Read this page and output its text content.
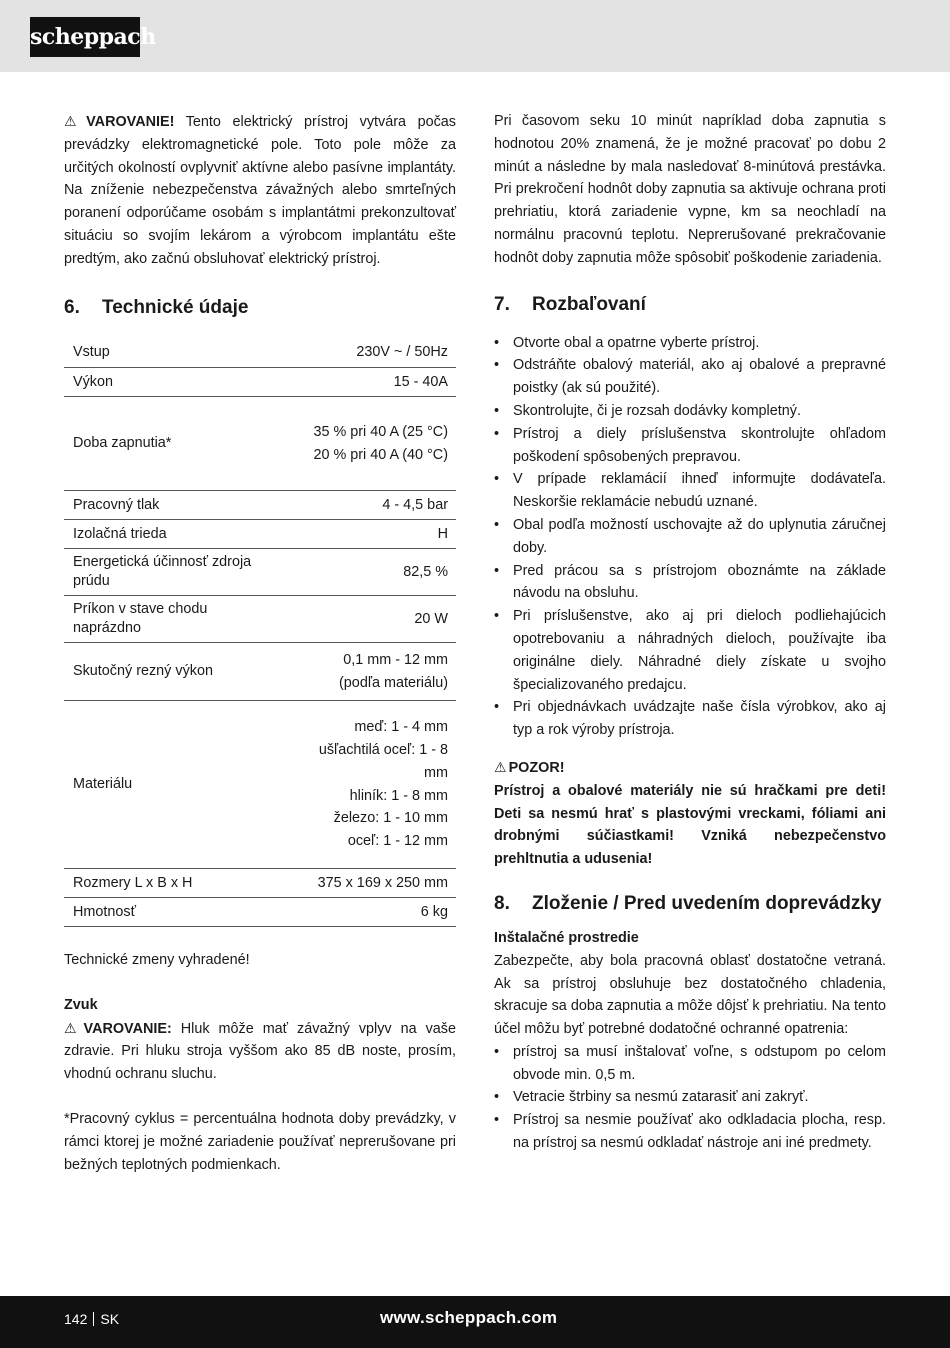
scheppach

⚠ VAROVANIE! Tento elektrický prístroj vytvára počas prevádzky elektromagnetické pole. Toto pole môže za určitých okolností ovplyvniť aktívne alebo pasívne implantáty. Na zníženie nebezpečenstva závažných alebo smrteľných poranení odporúčame osobám s implantátmi prekonzultovať situáciu so svojím lekárom a výrobcom implantátu ešte predtým, ako začnú obsluhovať elektrický prístroj.

6. Technické údaje
Vstup	230V ~ / 50Hz

Výkon	15 - 40A

Doba zapnutia*	35 % pri 40 A (25 °C)
20 % pri 40 A (40 °C)

Pracovný tlak	4 - 4,5 bar

Izolačná trieda	H

Energetická účinnosť zdroja prúdu	82,5 %

Príkon v stave chodu naprázdno	20 W

Skutočný rezný výkon	0,1 mm - 12 mm
(podľa materiálu)

Materiálu	meď: 1 - 4 mm
ušľachtilá oceľ: 1 - 8 mm
hliník: 1 - 8 mm
železo: 1 - 10 mm
oceľ: 1 - 12 mm

Rozmery L x B x H	375 x 169 x 250 mm

Hmotnosť	6 kg

Technické zmeny vyhradené!

Zvuk

⚠ VAROVANIE: Hluk môže mať závažný vplyv na vaše zdravie. Pri hluku stroja vyššom ako 85 dB noste, prosím, vhodnú ochranu sluchu.

*Pracovný cyklus = percentuálna hodnota doby prevádzky, v rámci ktorej je možné zariadenie používať neprerušovane pri bežných teplotných podmienkach.

Pri časovom seku 10 minút napríklad doba zapnutia s hodnotou 20% znamená, že je možné pracovať po dobu 2 minút a následne by mala nasledovať 8-minútová prestávka. Pri prekročení hodnôt doby zapnutia sa aktivuje ochrana proti prehriatiu, ktorá zariadenie vypne, km sa neochladí na normálnu pracovnú teplotu. Neprerušované prekračovanie hodnôt doby zapnutia môže spôsobiť poškodenie zariadenia.

7. Rozbaľovaní
• Otvorte obal a opatrne vyberte prístroj.
• Odstráňte obalový materiál, ako aj obalové a prepravné poistky (ak sú použité).
• Skontrolujte, či je rozsah dodávky kompletný.
• Prístroj a diely príslušenstva skontrolujte ohľadom poškodení spôsobených prepravou.
• V prípade reklamácií ihneď informujte dodávateľa. Neskoršie reklamácie nebudú uznané.
• Obal podľa možností uschovajte až do uplynutia záručnej doby.
• Pred prácou sa s prístrojom oboznámte na základe návodu na obsluhu.
• Pri príslušenstve, ako aj pri dieloch podliehajúcich opotrebovaniu a náhradných dieloch, používajte iba originálne diely. Náhradné diely získate u svojho špecializovaného predajcu.
• Pri objednávkach uvádzajte naše čísla výrobkov, ako aj typ a rok výroby prístroja.

⚠ POZOR!

Prístroj a obalové materiály nie sú hračkami pre deti! Deti sa nesmú hrať s plastovými vreckami, fóliami ani drobnými súčiastkami! Vzniká nebezpečenstvo prehltnutia a udusenia!

8. Zloženie / Pred uvedením doprevádzky

Inštalačné prostredie

Zabezpečte, aby bola pracovná oblasť dostatočne vetraná. Ak sa prístroj obsluhuje bez dostatočného chladenia, skracuje sa doba zapnutia a môže dôjsť k prehriatiu. Na tento účel môžu byť potrebné dodatočné ochranné opatrenia:

• prístroj sa musí inštalovať voľne, s odstupom po celom obvode min. 0,5 m.
• Vetracie štrbiny sa nesmú zatarasiť ani zakryť.
• Prístroj sa nesmie používať ako odkladacia plocha, resp. na prístroj sa nesmú odkladať nástroje ani iné predmety.
142 SK	www.scheppach.com
